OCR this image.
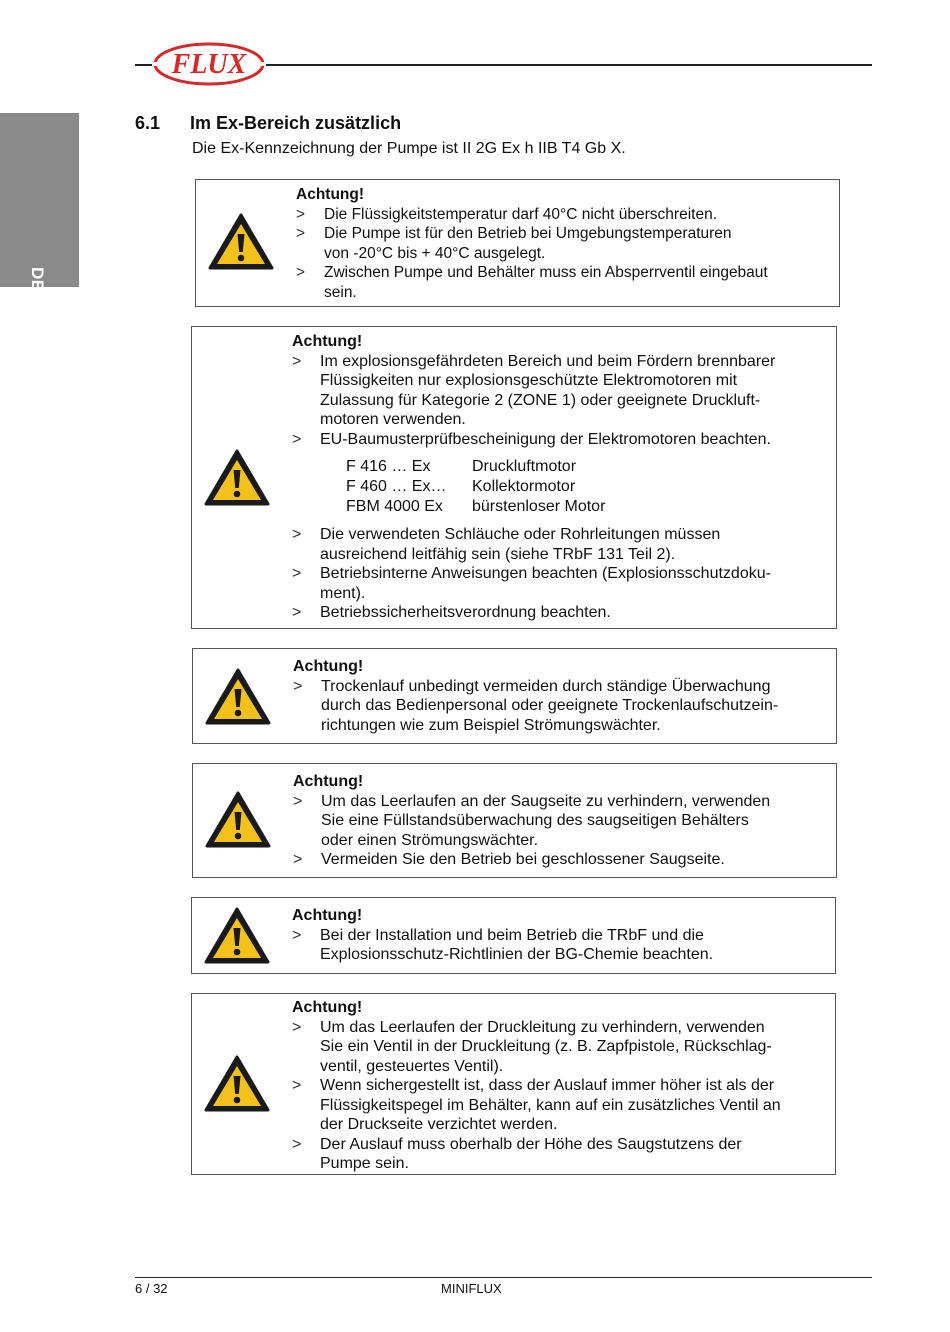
FLUX
DEUTSCH
6.1 Im Ex-Bereich zusätzlich
Die Ex-Kennzeichnung der Pumpe ist II 2G Ex h IIB T4 Gb X.
Achtung!
> Die Flüssigkeitstemperatur darf 40°C nicht überschreiten.
> Die Pumpe ist für den Betrieb bei Umgebungstemperaturen
von -20°C bis + 40°C ausgelegt.
> Zwischen Pumpe und Behälter muss ein Absperrventil eingebaut
sein.
Achtung!
> Im explosionsgefährdeten Bereich und beim Fördern brennbarer
Flüssigkeiten nur explosionsgeschützte Elektromotoren mit
Zulassung für Kategorie 2 (ZONE 1) oder geeignete Druckluft-
motoren verwenden.
> EU-Baumusterprüfbescheinigung der Elektromotoren beachten.
F 416 … Ex	Druckluftmotor
F 460 … Ex…	Kollektormotor
FBM 4000 Ex	bürstenloser Motor
> Die verwendeten Schläuche oder Rohrleitungen müssen
ausreichend leitfähig sein (siehe TRbF 131 Teil 2).
> Betriebsinterne Anweisungen beachten (Explosionsschutzdoku-
ment).
> Betriebssicherheitsverordnung beachten.
Achtung!
> Trockenlauf unbedingt vermeiden durch ständige Überwachung
durch das Bedienpersonal oder geeignete Trockenlaufschutzein-
richtungen wie zum Beispiel Strömungswächter.
Achtung!
> Um das Leerlaufen an der Saugseite zu verhindern, verwenden
Sie eine Füllstandsüberwachung des saugseitigen Behälters
oder einen Strömungswächter.
> Vermeiden Sie den Betrieb bei geschlossener Saugseite.
Achtung!
> Bei der Installation und beim Betrieb die TRbF und die
Explosionsschutz-Richtlinien der BG-Chemie beachten.
Achtung!
> Um das Leerlaufen der Druckleitung zu verhindern, verwenden
Sie ein Ventil in der Druckleitung (z. B. Zapfpistole, Rückschlag-
ventil, gesteuertes Ventil).
> Wenn sichergestellt ist, dass der Auslauf immer höher ist als der
Flüssigkeitspegel im Behälter, kann auf ein zusätzliches Ventil an
der Druckseite verzichtet werden.
> Der Auslauf muss oberhalb der Höhe des Saugstutzens der
Pumpe sein.
6 / 32	MINIFLUX
